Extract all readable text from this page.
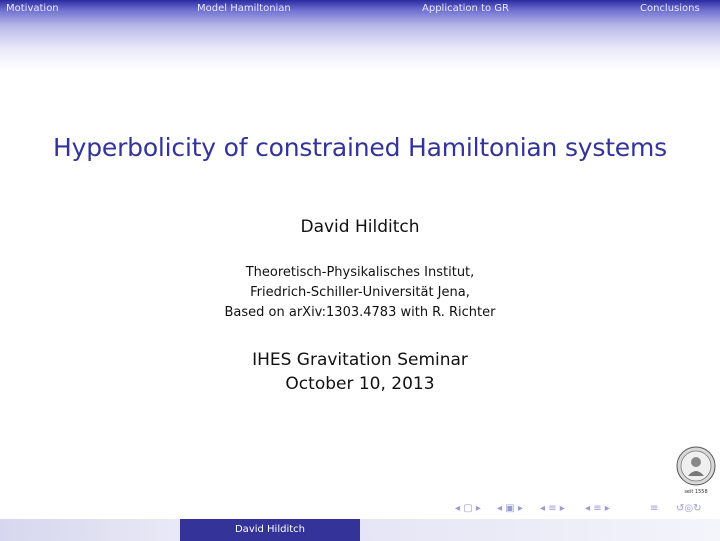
Motivation	Model Hamiltonian	Application to GR	Conclusions
Hyperbolicity of constrained Hamiltonian systems
David Hilditch
Theoretisch-Physikalisches Institut,
Friedrich-Schiller-Universität Jena,
Based on arXiv:1303.4783 with R. Richter
IHES Gravitation Seminar
October 10, 2013
seit 1558
◂ ▢ ▸ ◂ ▣ ▸ ◂ ≡ ▸ ◂ ≡ ▸	≡ ↺◎↻
David Hilditch
